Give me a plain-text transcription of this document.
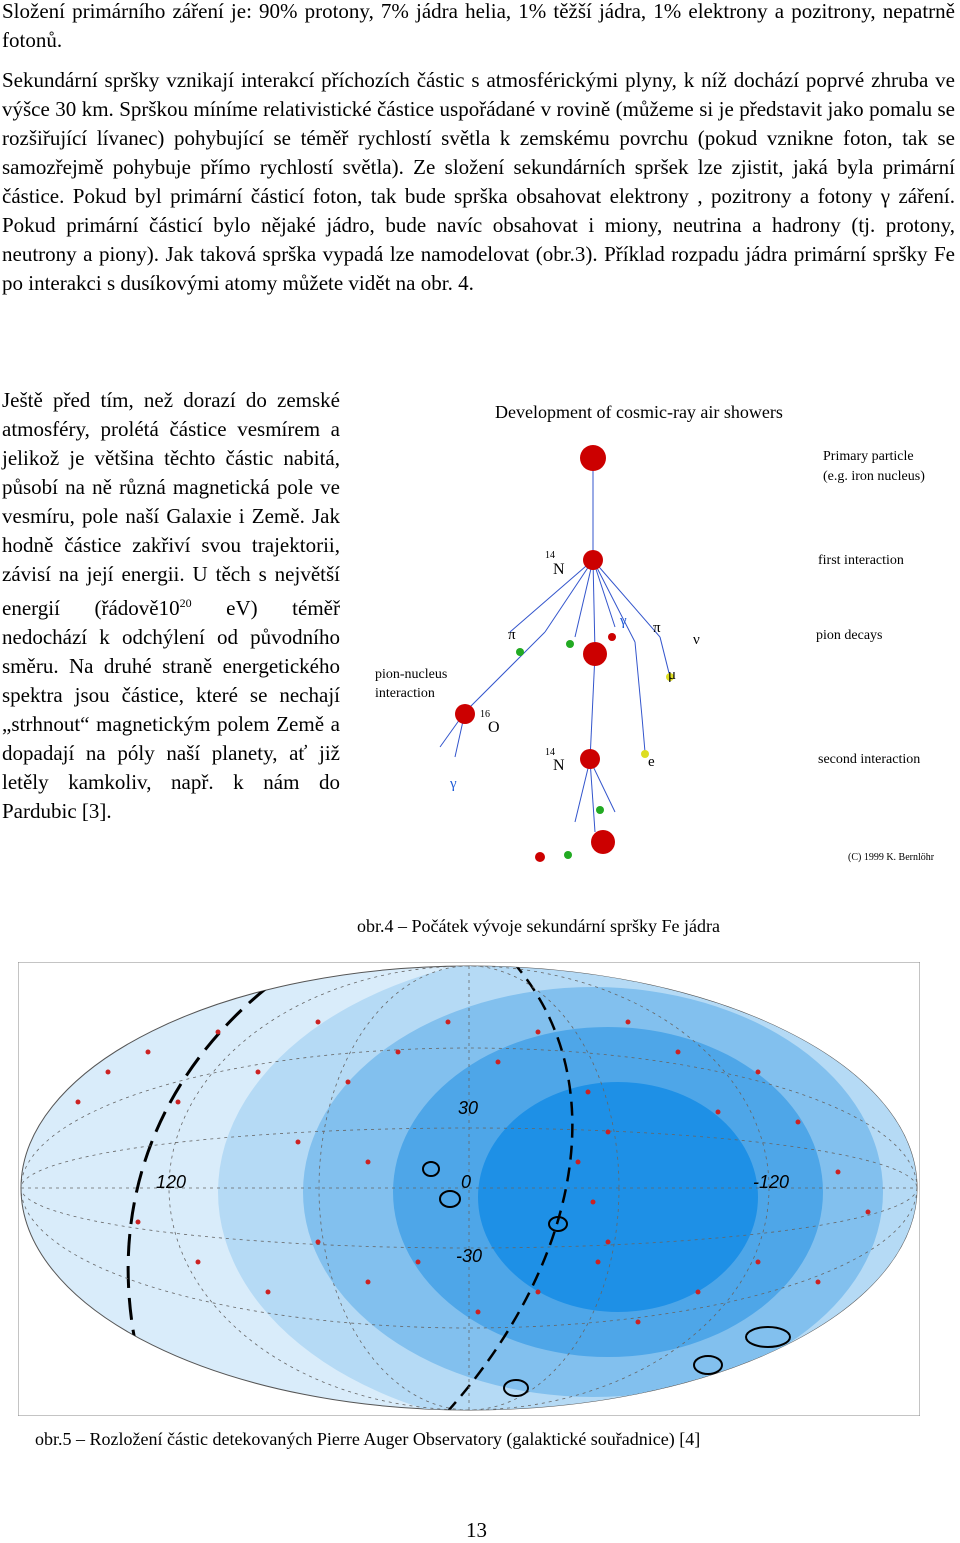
Složení primárního záření je: 90% protony, 7% jádra helia, 1% těžší jádra, 1% elektrony a pozitrony, nepatrně fotonů.

Sekundární spršky vznikají interakcí příchozích částic s atmosférickými plyny, k níž dochází poprvé zhruba ve výšce 30 km. Sprškou míníme relativistické částice uspořádané v rovině (můžeme si je představit jako pomalu se rozšiřující lívanec) pohybující se téměř rychlostí světla k zemskému povrchu (pokud vznikne foton, tak se samozřejmě pohybuje přímo rychlostí světla). Ze složení sekundárních spršek lze zjistit, jaká byla primární částice. Pokud byl primární částicí foton, tak bude sprška obsahovat elektrony , pozitrony a fotony γ záření. Pokud primární částicí bylo nějaké jádro, bude navíc obsahovat i miony, neutrina a hadrony (tj. protony, neutrony a piony). Jak taková sprška vypadá lze namodelovat (obr.3). Příklad rozpadu jádra primární spršky Fe po interakci s dusíkovými atomy můžete vidět na obr. 4.

Ještě před tím, než dorazí do zemské atmosféry, prolétá částice vesmírem a jelikož je většina těchto částic nabitá, působí na ně různá magnetická pole ve vesmíru, pole naší Galaxie i Země. Jak hodně částice zakřiví svou trajektorii, závisí na její energii. U těch s největší energií ($řádově10^{20}$ eV) téměř nedochází k odchýlení od původního směru. Na druhé straně energetického spektra jsou částice, které se nechají „strhnout“ magnetickým polem Země a dopadají na póly naší planety, ať již letěly kamkoliv, např. k nám do Pardubic [3].

Development of cosmic-ray air showers
Primary particle
(e.g. iron nucleus)
first interaction
pion decays
pion-nucleus
interaction
second interaction
(C) 1999 K. Bernlöhr
14
N
14
N
16
O
π	π
γ
γ
ν
μ
e

obr.4 – Počátek vývoje sekundární spršky Fe jádra

30
0
-30
120	-120

obr.5 – Rozložení částic detekovaných Pierre Auger Observatory (galaktické souřadnice) [4]

13
